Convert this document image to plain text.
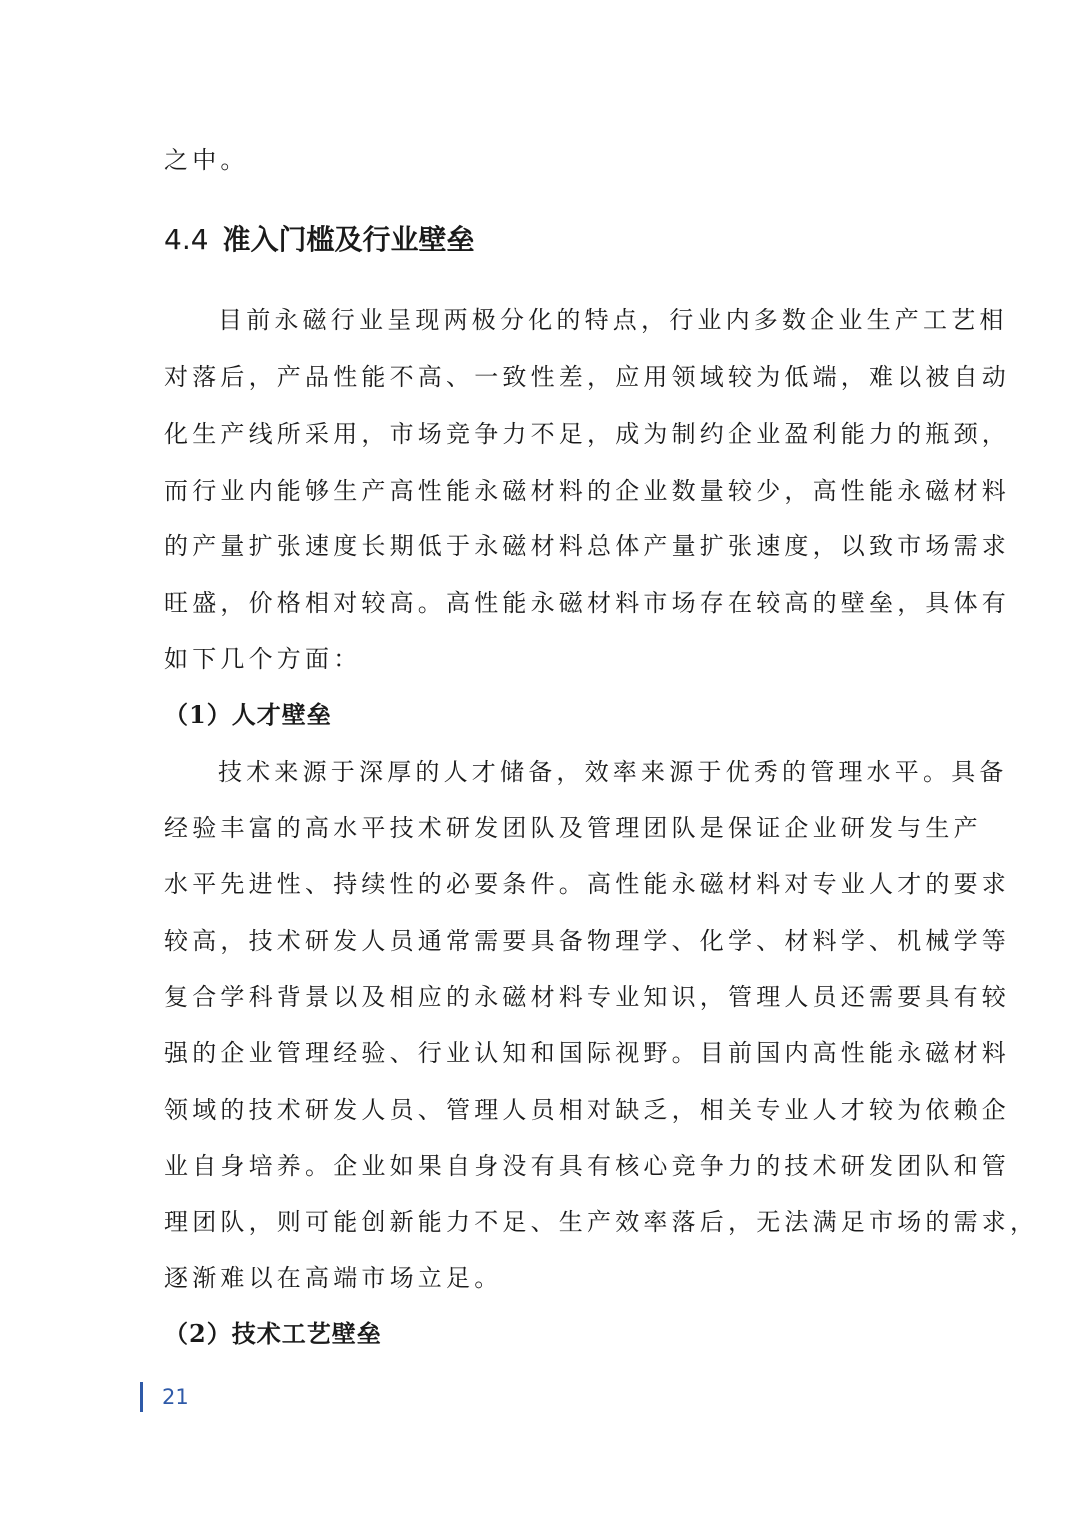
之中。
4.4 准入门槛及行业壁垒
目前永磁行业呈现两极分化的特点，行业内多数企业生产工艺相
对落后，产品性能不高、一致性差，应用领域较为低端，难以被自动
化生产线所采用，市场竞争力不足，成为制约企业盈利能力的瓶颈，
而行业内能够生产高性能永磁材料的企业数量较少，高性能永磁材料
的产量扩张速度长期低于永磁材料总体产量扩张速度，以致市场需求
旺盛，价格相对较高。高性能永磁材料市场存在较高的壁垒，具体有
如下几个方面：
（1）人才壁垒
技术来源于深厚的人才储备，效率来源于优秀的管理水平。具备
经验丰富的高水平技术研发团队及管理团队是保证企业研发与生产
水平先进性、持续性的必要条件。高性能永磁材料对专业人才的要求
较高，技术研发人员通常需要具备物理学、化学、材料学、机械学等
复合学科背景以及相应的永磁材料专业知识，管理人员还需要具有较
强的企业管理经验、行业认知和国际视野。目前国内高性能永磁材料
领域的技术研发人员、管理人员相对缺乏，相关专业人才较为依赖企
业自身培养。企业如果自身没有具有核心竞争力的技术研发团队和管
理团队，则可能创新能力不足、生产效率落后，无法满足市场的需求，
逐渐难以在高端市场立足。
（2）技术工艺壁垒
21
